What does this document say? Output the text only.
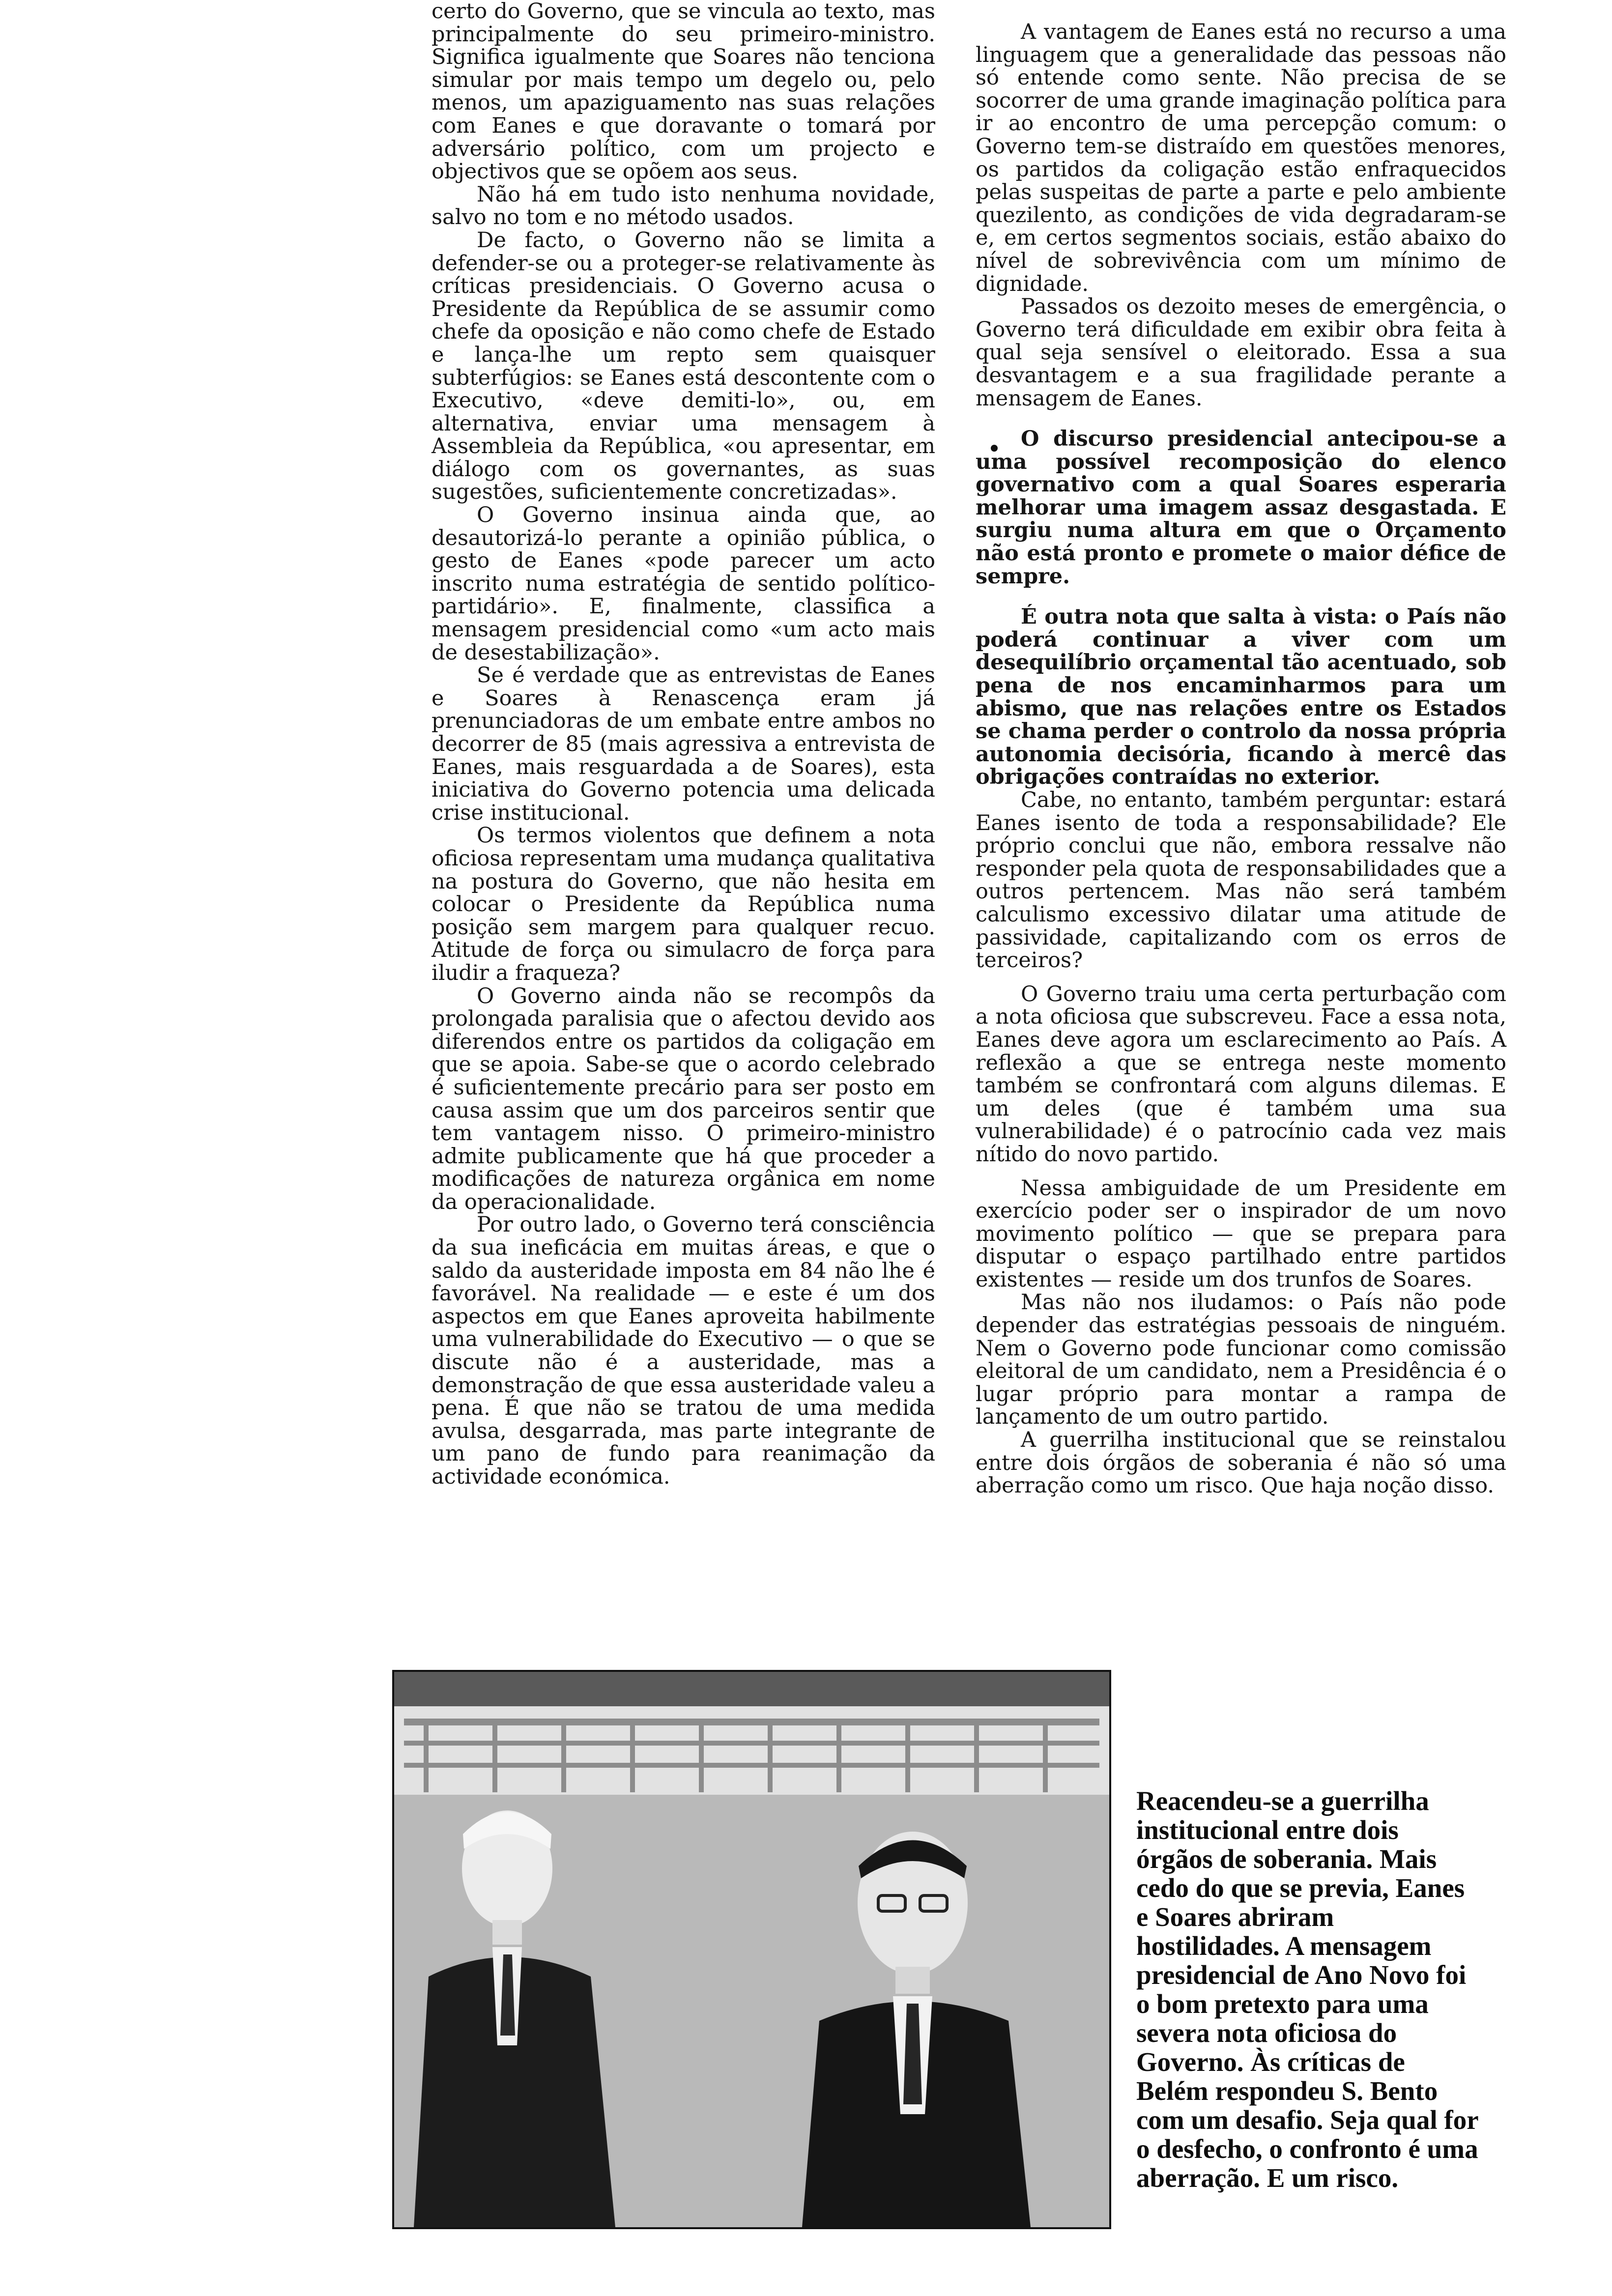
certo do Governo, que se vincula ao texto, mas principalmente do seu primeiro-ministro. Significa igualmente que Soares não tenciona simular por mais tempo um degelo ou, pelo menos, um apaziguamento nas suas relações com Eanes e que doravante o tomará por adversário político, com um projecto e objectivos que se opõem aos seus.

Não há em tudo isto nenhuma novidade, salvo no tom e no método usados.

De facto, o Governo não se limita a defender-se ou a proteger-se relativamente às críticas presidenciais. O Governo acusa o Presidente da República de se assumir como chefe da oposição e não como chefe de Estado e lança-lhe um repto sem quaisquer subterfúgios: se Eanes está descontente com o Executivo, «deve demiti-lo», ou, em alternativa, enviar uma mensagem à Assembleia da República, «ou apresentar, em diálogo com os governantes, as suas sugestões, suficientemente concretizadas».

O Governo insinua ainda que, ao desautorizá-lo perante a opinião pública, o gesto de Eanes «pode parecer um acto inscrito numa estratégia de sentido político-partidário». E, finalmente, classifica a mensagem presidencial como «um acto mais de desestabilização».

Se é verdade que as entrevistas de Eanes e Soares à Renascença eram já prenunciadoras de um embate entre ambos no decorrer de 85 (mais agressiva a entrevista de Eanes, mais resguardada a de Soares), esta iniciativa do Governo potencia uma delicada crise institucional.

Os termos violentos que definem a nota oficiosa representam uma mudança qualitativa na postura do Governo, que não hesita em colocar o Presidente da República numa posição sem margem para qualquer recuo. Atitude de força ou simulacro de força para iludir a fraqueza?

O Governo ainda não se recompôs da prolongada paralisia que o afectou devido aos diferendos entre os partidos da coligação em que se apoia. Sabe-se que o acordo celebrado é suficientemente precário para ser posto em causa assim que um dos parceiros sentir que tem vantagem nisso. O primeiro-ministro admite publicamente que há que proceder a modificações de natureza orgânica em nome da operacionalidade.

Por outro lado, o Governo terá consciência da sua ineficácia em muitas áreas, e que o saldo da austeridade imposta em 84 não lhe é favorável. Na realidade — e este é um dos aspectos em que Eanes aproveita habilmente uma vulnerabilidade do Executivo — o que se discute não é a austeridade, mas a demonstração de que essa austeridade valeu a pena. É que não se tratou de uma medida avulsa, desgarrada, mas parte integrante de um pano de fundo para reanimação da actividade económica.

A vantagem de Eanes está no recurso a uma linguagem que a generalidade das pessoas não só entende como sente. Não precisa de se socorrer de uma grande imaginação política para ir ao encontro de uma percepção comum: o Governo tem-se distraído em questões menores, os partidos da coligação estão enfraquecidos pelas suspeitas de parte a parte e pelo ambiente quezilento, as condições de vida degradaram-se e, em certos segmentos sociais, estão abaixo do nível de sobrevivência com um mínimo de dignidade.

Passados os dezoito meses de emergência, o Governo terá dificuldade em exibir obra feita à qual seja sensível o eleitorado. Essa a sua desvantagem e a sua fragilidade perante a mensagem de Eanes.

O discurso presidencial antecipou-se a uma possível recomposição do elenco governativo com a qual Soares esperaria melhorar uma imagem assaz desgastada. E surgiu numa altura em que o Orçamento não está pronto e promete o maior défice de sempre.

É outra nota que salta à vista: o País não poderá continuar a viver com um desequilíbrio orçamental tão acentuado, sob pena de nos encaminharmos para um abismo, que nas relações entre os Estados se chama perder o controlo da nossa própria autonomia decisória, ficando à mercê das obrigações contraídas no exterior.

Cabe, no entanto, também perguntar: estará Eanes isento de toda a responsabilidade? Ele próprio conclui que não, embora ressalve não responder pela quota de responsabilidades que a outros pertencem. Mas não será também calculismo excessivo dilatar uma atitude de passividade, capitalizando com os erros de terceiros?

O Governo traiu uma certa perturbação com a nota oficiosa que subscreveu. Face a essa nota, Eanes deve agora um esclarecimento ao País. A reflexão a que se entrega neste momento também se confrontará com alguns dilemas. E um deles (que é também uma sua vulnerabilidade) é o patrocínio cada vez mais nítido do novo partido.

Nessa ambiguidade de um Presidente em exercício poder ser o inspirador de um novo movimento político — que se prepara para disputar o espaço partilhado entre partidos existentes — reside um dos trunfos de Soares.

Mas não nos iludamos: o País não pode depender das estratégias pessoais de ninguém. Nem o Governo pode funcionar como comissão eleitoral de um candidato, nem a Presidência é o lugar próprio para montar a rampa de lançamento de um outro partido.

A guerrilha institucional que se reinstalou entre dois órgãos de soberania é não só uma aberração como um risco. Que haja noção disso.

Reacendeu-se a guerrilha institucional entre dois órgãos de soberania. Mais cedo do que se previa, Eanes e Soares abriram hostilidades. A mensagem presidencial de Ano Novo foi o bom pretexto para uma severa nota oficiosa do Governo. Às críticas de Belém respondeu S. Bento com um desafio. Seja qual for o desfecho, o confronto é uma aberração. E um risco.
